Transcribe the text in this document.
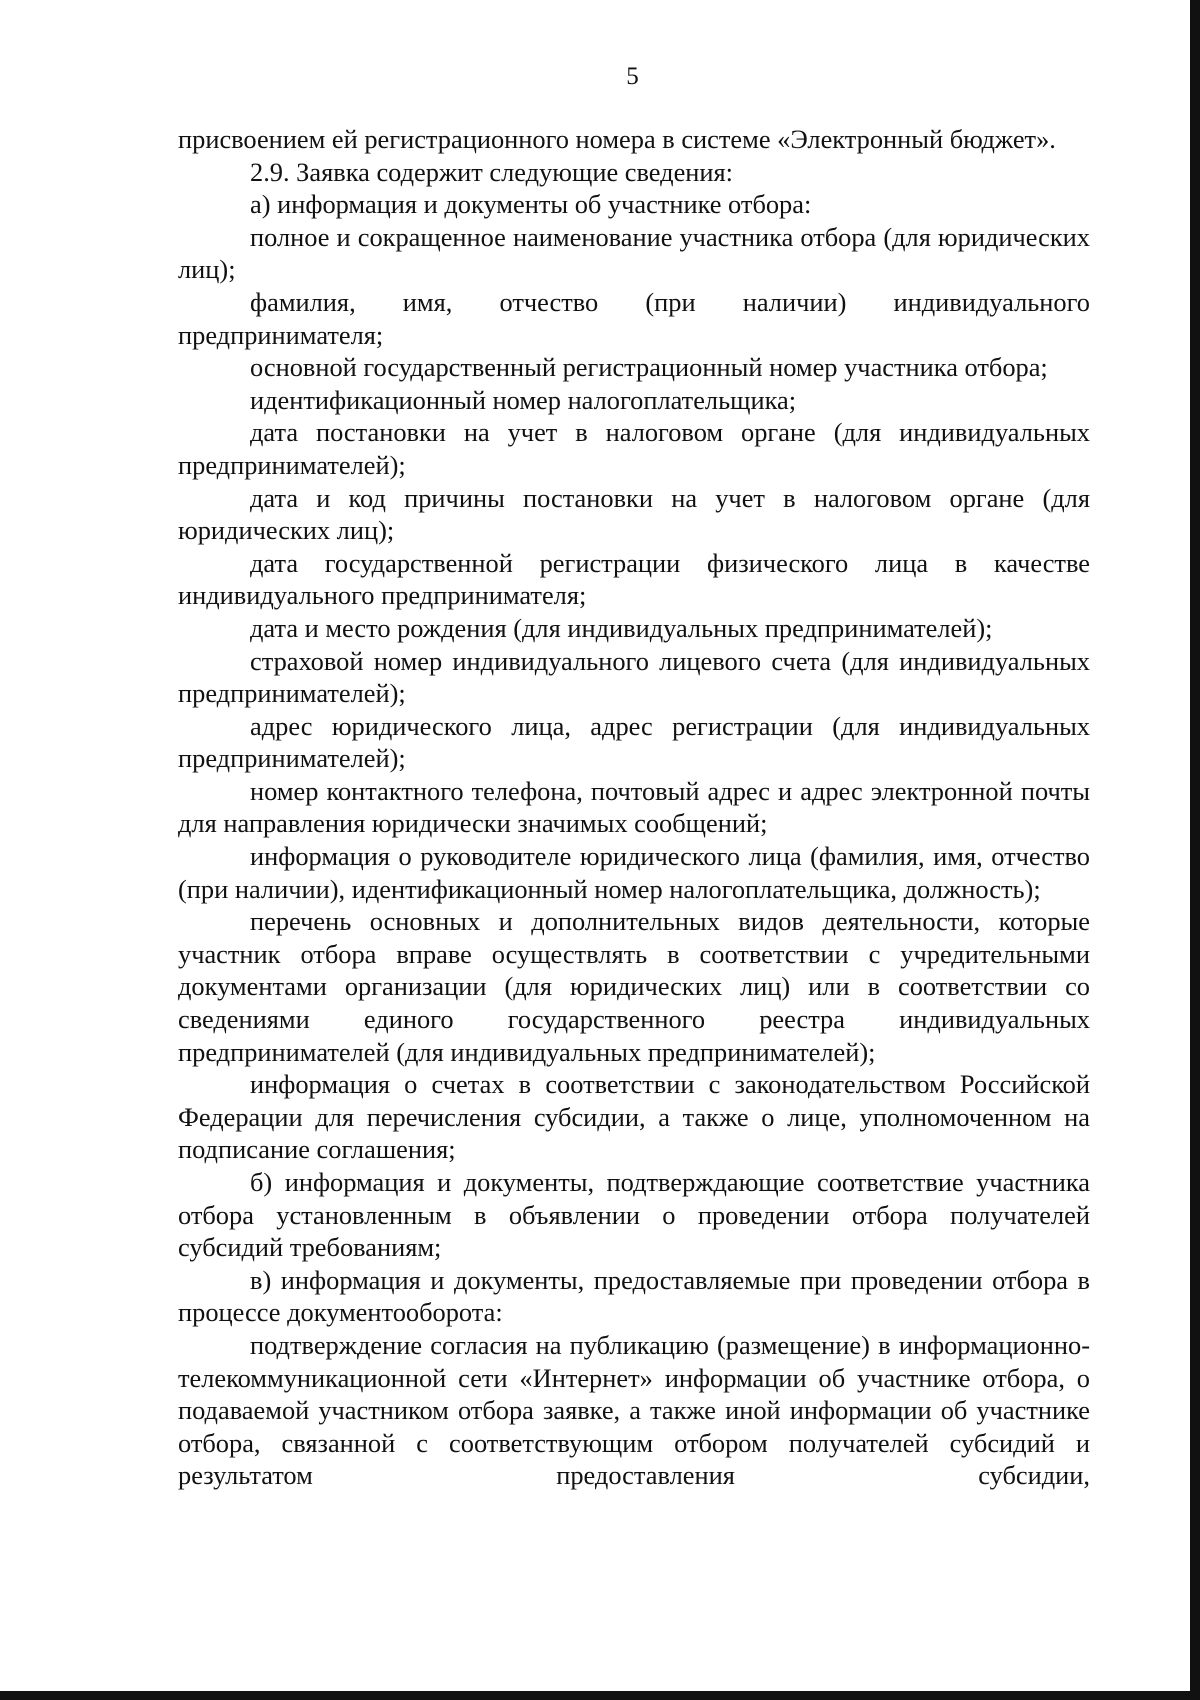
5

присвоением ей регистрационного номера в системе «Электронный бюджет».

2.9. Заявка содержит следующие сведения:

а) информация и документы об участнике отбора:

полное и сокращенное наименование участника отбора (для юридических лиц);

фамилия, имя, отчество (при наличии) индивидуального предпринимателя;

основной государственный регистрационный номер участника отбора;

идентификационный номер налогоплательщика;

дата постановки на учет в налоговом органе (для индивидуальных предпринимателей);

дата и код причины постановки на учет в налоговом органе (для юридических лиц);

дата государственной регистрации физического лица в качестве индивидуального предпринимателя;

дата и место рождения (для индивидуальных предпринимателей);

страховой номер индивидуального лицевого счета (для индивидуальных предпринимателей);

адрес юридического лица, адрес регистрации (для индивидуальных предпринимателей);

номер контактного телефона, почтовый адрес и адрес электронной почты для направления юридически значимых сообщений;

информация о руководителе юридического лица (фамилия, имя, отчество (при наличии), идентификационный номер налогоплательщика, должность);

перечень основных и дополнительных видов деятельности, которые участник отбора вправе осуществлять в соответствии с учредительными документами организации (для юридических лиц) или в соответствии со сведениями единого государственного реестра индивидуальных предпринимателей (для индивидуальных предпринимателей);

информация о счетах в соответствии с законодательством Российской Федерации для перечисления субсидии, а также о лице, уполномоченном на подписание соглашения;

б) информация и документы, подтверждающие соответствие участника отбора установленным в объявлении о проведении отбора получателей субсидий требованиям;

в) информация и документы, предоставляемые при проведении отбора в процессе документооборота:

подтверждение согласия на публикацию (размещение) в информационно-телекоммуникационной сети «Интернет» информации об участнике отбора, о подаваемой участником отбора заявке, а также иной информации об участнике отбора, связанной с соответствующим отбором получателей субсидий и результатом предоставления субсидии,
